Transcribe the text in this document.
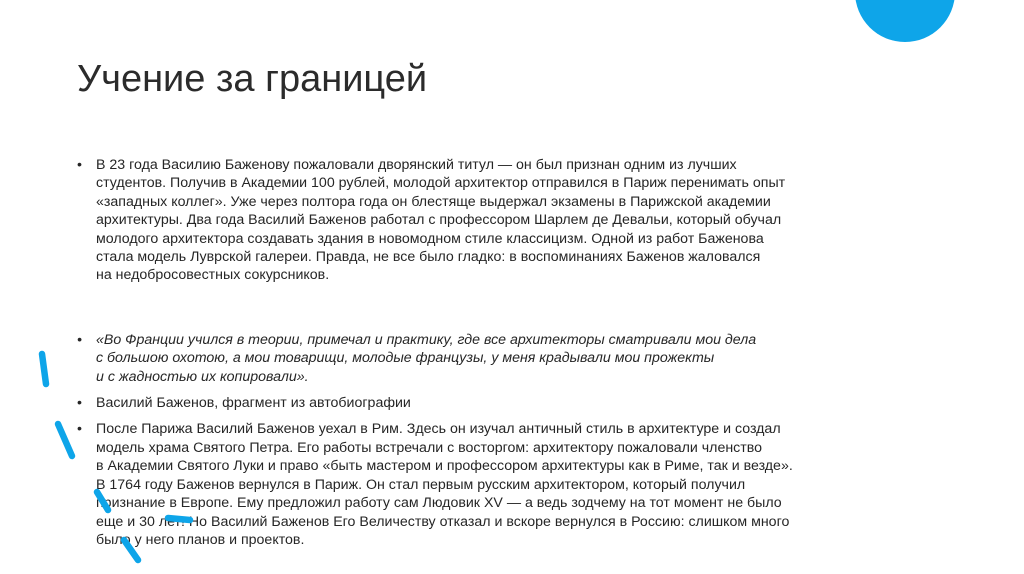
Учение за границей
• В 23 года Василию Баженову пожаловали дворянский титул — он был признан одним из лучших
студентов. Получив в Академии 100 рублей, молодой архитектор отправился в Париж перенимать опыт
«западных коллег». Уже через полтора года он блестяще выдержал экзамены в Парижской академии
архитектуры. Два года Василий Баженов работал с профессором Шарлем де Девальи, который обучал
молодого архитектора создавать здания в новомодном стиле классицизм. Одной из работ Баженова
стала модель Луврской галереи. Правда, не все было гладко: в воспоминаниях Баженов жаловался
на недобросовестных сокурсников.
• «Во Франции учился в теории, примечал и практику, где все архитекторы сматривали мои дела
с большою охотою, а мои товарищи, молодые французы, у меня крадывали мои прожекты
и с жадностью их копировали».
• Василий Баженов, фрагмент из автобиографии
• После Парижа Василий Баженов уехал в Рим. Здесь он изучал античный стиль в архитектуре и создал
модель храма Святого Петра. Его работы встречали с восторгом: архитектору пожаловали членство
в Академии Святого Луки и право «быть мастером и профессором архитектуры как в Риме, так и везде».
В 1764 году Баженов вернулся в Париж. Он стал первым русским архитектором, который получил
признание в Европе. Ему предложил работу сам Людовик XV — а ведь зодчему на тот момент не было
еще и 30 лет! Но Василий Баженов Его Величеству отказал и вскоре вернулся в Россию: слишком много
было у него планов и проектов.
